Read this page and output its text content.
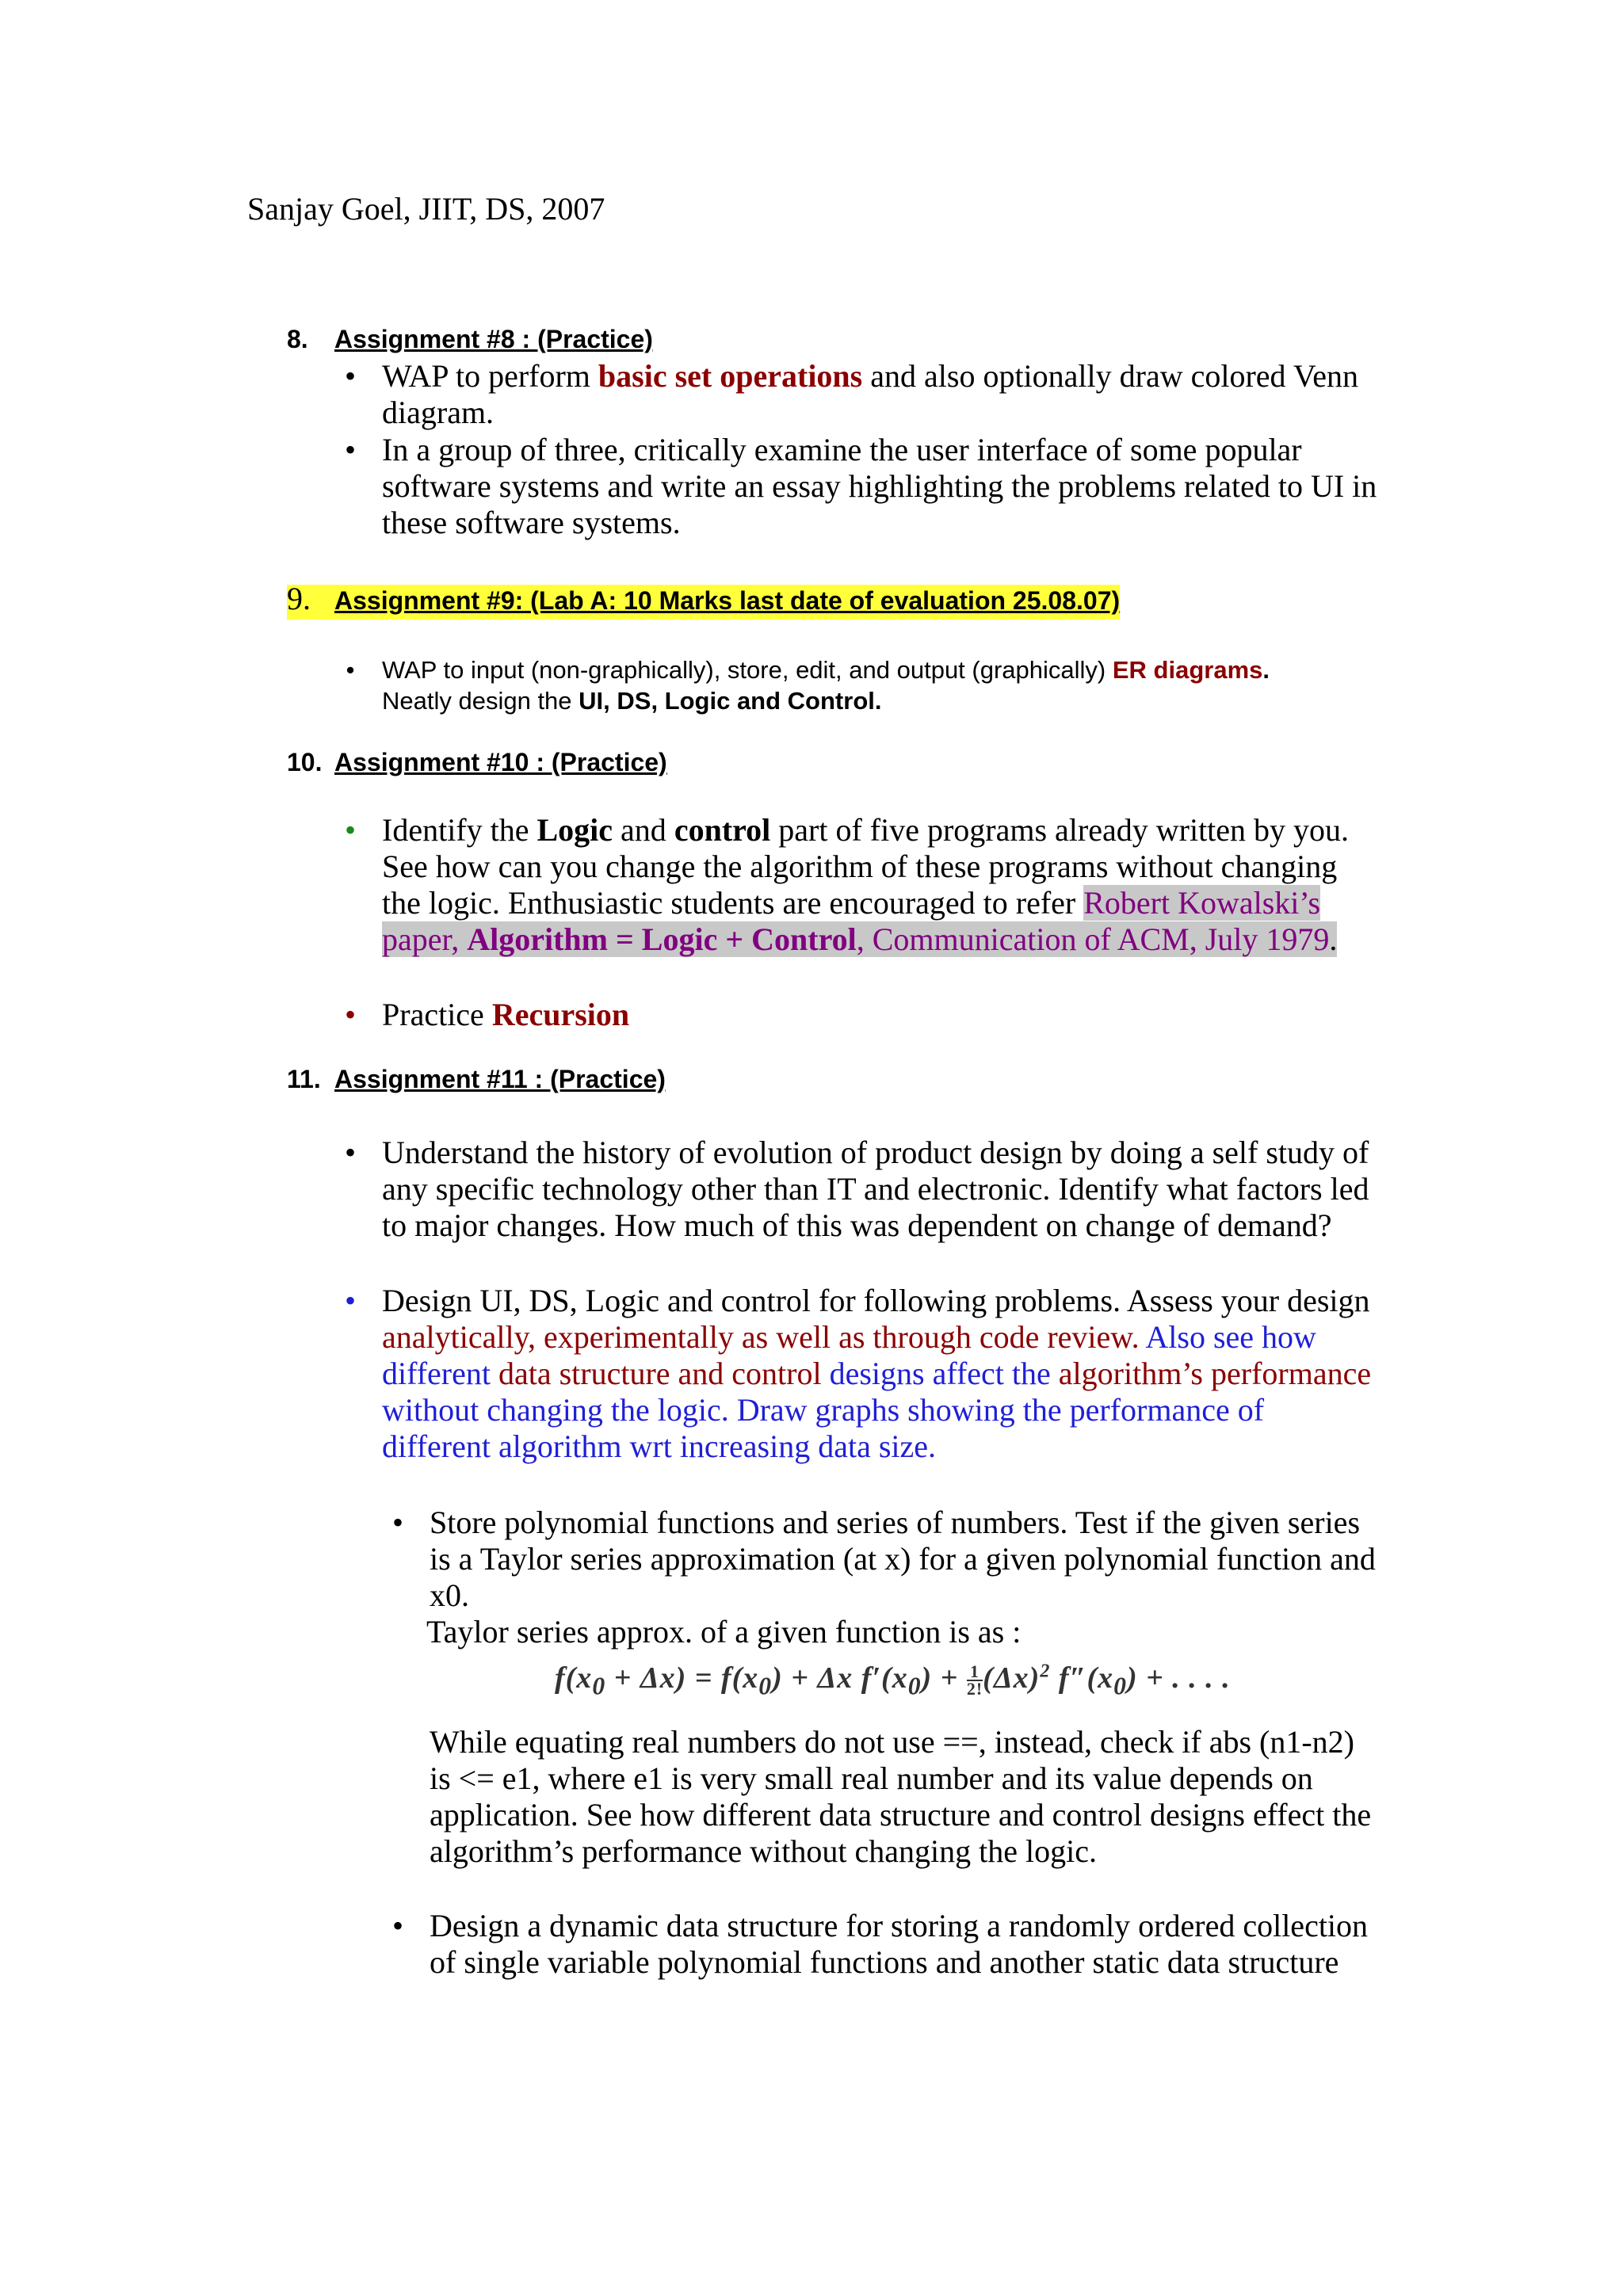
Sanjay Goel, JIIT, DS, 2007
8. Assignment #8 : (Practice)
• WAP to perform basic set operations and also optionally draw colored Venn

diagram.

• In a group of three, critically examine the user interface of some popular

software systems and write an essay highlighting the problems related to UI in

these software systems.

9. Assignment #9: (Lab A: 10 Marks last date of evaluation 25.08.07)
•	WAP to input (non-graphically), store, edit, and output (graphically) ER diagrams.

Neatly design the UI, DS, Logic and Control.

10. Assignment #10 : (Practice)
• Identify the Logic and control part of five programs already written by you.

See how can you change the algorithm of these programs without changing

the logic. Enthusiastic students are encouraged to refer Robert Kowalski’s

paper, Algorithm = Logic + Control, Communication of ACM, July 1979.

• Practice Recursion

11. Assignment #11 : (Practice)
• Understand the history of evolution of product design by doing a self study of

any specific technology other than IT and electronic. Identify what factors led

to major changes. How much of this was dependent on change of demand?

• Design UI, DS, Logic and control for following problems. Assess your design

analytically, experimentally as well as through code review. Also see how

different data structure and control designs affect the algorithm’s performance

without changing the logic. Draw graphs showing the performance of

different algorithm wrt increasing data size.

• Store polynomial functions and series of numbers. Test if the given series

is a Taylor series approximation (at x) for a given polynomial function and

x0.

Taylor series approx. of a given function is as :

$f(x_0 + \Delta x) = f(x_0) + \Delta x$ $f'(x_0) + \frac{1}{2!} (\Delta x)^2$ $f''(x_0)$ + . . . .

While equating real numbers do not use ==, instead, check if abs (n1-n2)

is <= e1, where e1 is very small real number and its value depends on

application. See how different data structure and control designs effect the

algorithm’s performance without changing the logic.

• Design a dynamic data structure for storing a randomly ordered collection

of single variable polynomial functions and another static data structure
